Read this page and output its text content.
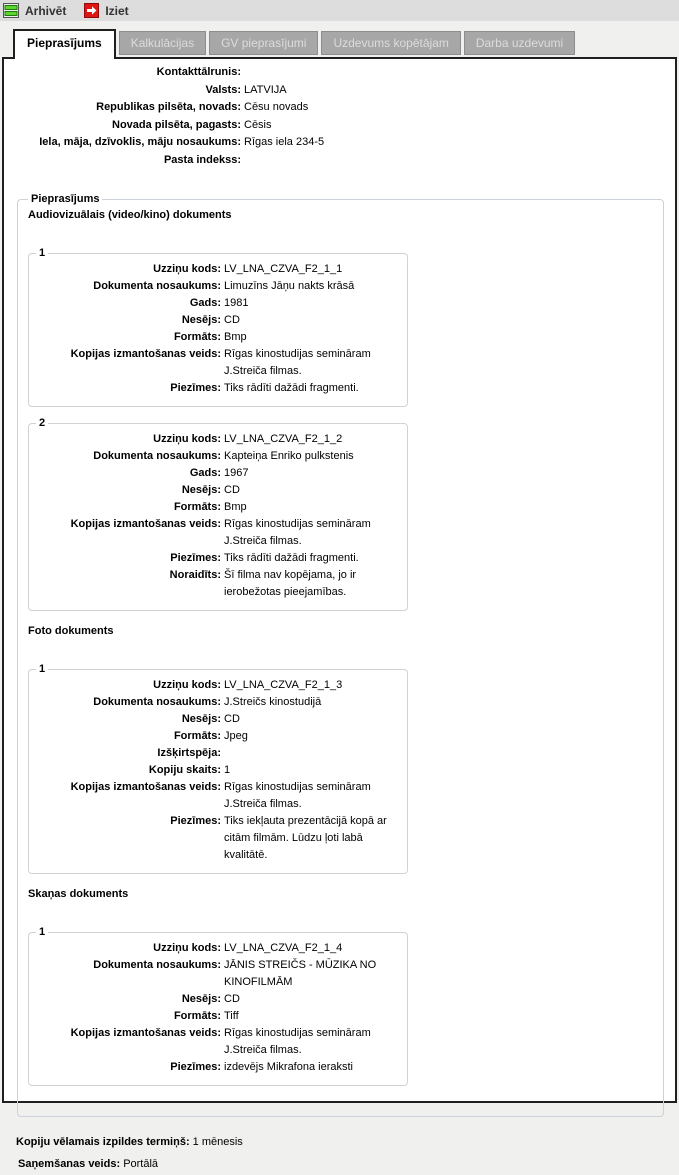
Arhivēt	Iziet
Pieprasījums	Kalkulācijas	GV pieprasījumi	Uzdevums kopētājam	Darba uzdevumi
Kontakttālrunis:
Valsts: LATVIJA
Republikas pilsēta, novads: Cēsu novads
Novada pilsēta, pagasts: Cēsis
Iela, māja, dzīvoklis, māju nosaukums: Rīgas iela 234-5
Pasta indekss:
Pieprasījums
Audiovizuālais (video/kino) dokuments
1
Uzziņu kods: LV_LNA_CZVA_F2_1_1
Dokumenta nosaukums: Limuzīns Jāņu nakts krāsā
Gads: 1981
Nesējs: CD
Formāts: Bmp
Kopijas izmantošanas veids: Rīgas kinostudijas semināram J.Streiča filmas.
Piezīmes: Tiks rādīti dažādi fragmenti.
2
Uzziņu kods: LV_LNA_CZVA_F2_1_2
Dokumenta nosaukums: Kapteiņa Enriko pulkstenis
Gads: 1967
Nesējs: CD
Formāts: Bmp
Kopijas izmantošanas veids: Rīgas kinostudijas semināram J.Streiča filmas.
Piezīmes: Tiks rādīti dažādi fragmenti.
Noraidīts: Šī filma nav kopējama, jo ir ierobežotas pieejamības.
Foto dokuments
1
Uzziņu kods: LV_LNA_CZVA_F2_1_3
Dokumenta nosaukums: J.Streičs kinostudijā
Nesējs: CD
Formāts: Jpeg
Izšķirtspēja:
Kopiju skaits: 1
Kopijas izmantošanas veids: Rīgas kinostudijas semināram J.Streiča filmas.
Piezīmes: Tiks iekļauta prezentācijā kopā ar citām filmām. Lūdzu ļoti labā kvalitātē.
Skaņas dokuments
1
Uzziņu kods: LV_LNA_CZVA_F2_1_4
Dokumenta nosaukums: JĀNIS STREIČS - MŪZIKA NO KINOFILMĀM
Nesējs: CD
Formāts: Tiff
Kopijas izmantošanas veids: Rīgas kinostudijas semināram J.Streiča filmas.
Piezīmes: izdevējs Mikrafona ieraksti
Kopiju vēlamais izpildes termiņš: 1 mēnesis
Saņemšanas veids: Portālā
